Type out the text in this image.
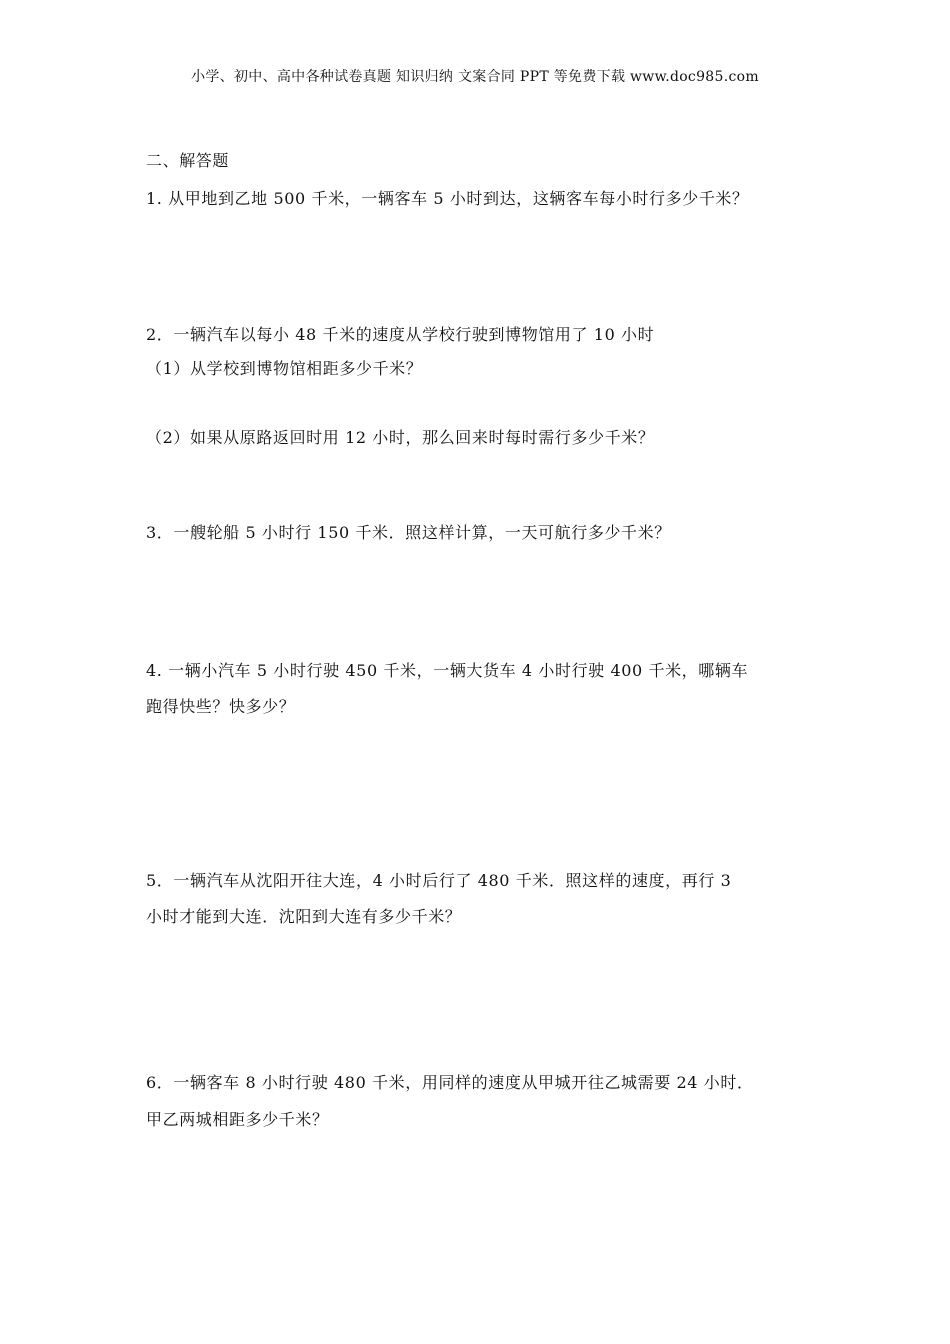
小学、初中、高中各种试卷真题 知识归纳 文案合同 PPT 等免费下载 www.doc985.com
二、解答题
1. 从甲地到乙地 500 千米，一辆客车 5 小时到达，这辆客车每小时行多少千米？
2．一辆汽车以每小 48 千米的速度从学校行驶到博物馆用了 10 小时
（1）从学校到博物馆相距多少千米？
（2）如果从原路返回时用 12 小时，那么回来时每时需行多少千米？
3．一艘轮船 5 小时行 150 千米．照这样计算，一天可航行多少千米？
4. 一辆小汽车 5 小时行驶 450 千米，一辆大货车 4 小时行驶 400 千米，哪辆车
跑得快些？快多少？
5．一辆汽车从沈阳开往大连，4 小时后行了 480 千米．照这样的速度，再行 3
小时才能到大连．沈阳到大连有多少千米？
6．一辆客车 8 小时行驶 480 千米，用同样的速度从甲城开往乙城需要 24 小时．
甲乙两城相距多少千米？
